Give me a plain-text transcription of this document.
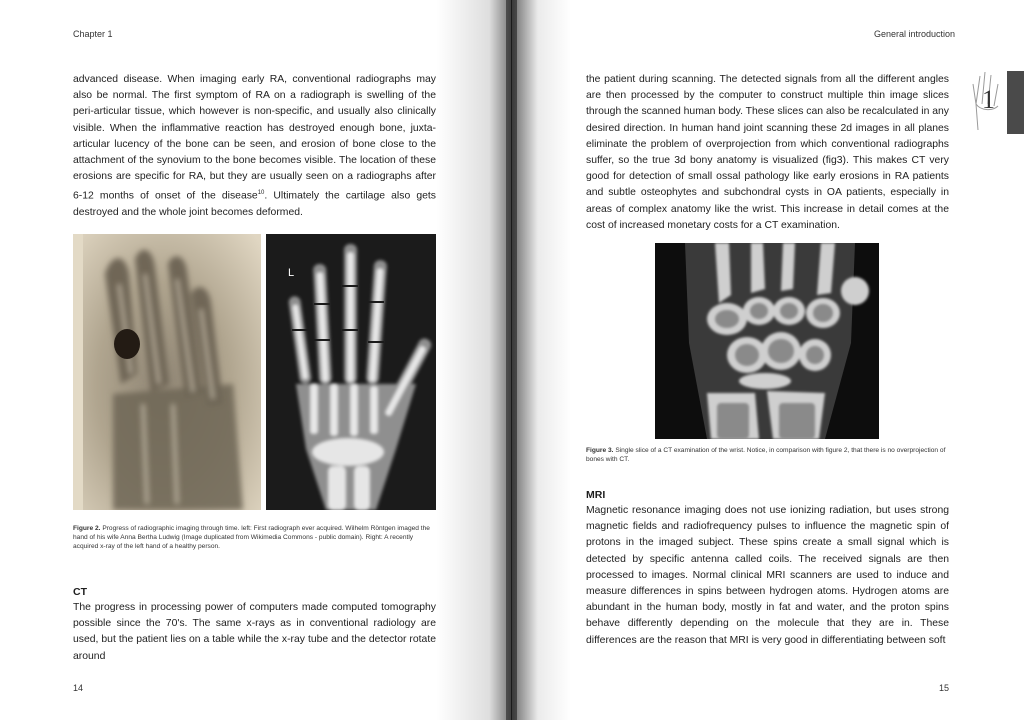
Chapter 1

advanced disease. When imaging early RA, conventional radiographs may also be normal. The first symptom of RA on a radiograph is swelling of the peri-articular tissue, which however is non-specific, and usually also clinically visible. When the inflammative reaction has destroyed enough bone, juxta-articular lucency of the bone can be seen, and erosion of bone close to the attachment of the synovium to the bone becomes visible. The location of these erosions are specific for RA, but they are usually seen on a radiographs after 6-12 months of onset of the disease$^{10}$. Ultimately the cartilage also gets destroyed and the whole joint becomes deformed.

L

Figure 2. Progress of radiographic imaging through time. left: First radiograph ever acquired. Wilhelm Röntgen imaged the hand of his wife Anna Bertha Ludwig (Image duplicated from Wikimedia Commons - public domain). Right: A recently acquired x-ray of the left hand of a healthy person.

CT

The progress in processing power of computers made computed tomography possible since the 70's. The same x-rays as in conventional radiology are used, but the patient lies on a table while the x-ray tube and the detector rotate around

14
General introduction

the patient during scanning. The detected signals from all the different angles are then processed by the computer to construct multiple thin image slices through the scanned human body. These slices can also be recalculated in any desired direction. In human hand joint scanning these 2d images in all planes eliminate the problem of overprojection from which conventional radiographs suffer, so the true 3d bony anatomy is visualized (fig3). This makes CT very good for detection of small ossal pathology like early erosions in RA patients and subtle osteophytes and subchondral cysts in OA patients, especially in areas of complex anatomy like the wrist. This increase in detail comes at the cost of increased monetary costs for a CT examination.

Figure 3. Single slice of a CT examination of the wrist. Notice, in comparison with figure 2, that there is no overprojection of bones with CT.

MRI

Magnetic resonance imaging does not use ionizing radiation, but uses strong magnetic fields and radiofrequency pulses to influence the magnetic spin of protons in the imaged subject. These spins create a small signal which is detected by specific antenna called coils. The received signals are then processed to images. Normal clinical MRI scanners are used to induce and measure differences in spins between hydrogen atoms. Hydrogen atoms are abundant in the human body, mostly in fat and water, and the proton spins behave differently depending on the molecule that they are in. These differences are the reason that MRI is very good in differentiating between soft

15
1
